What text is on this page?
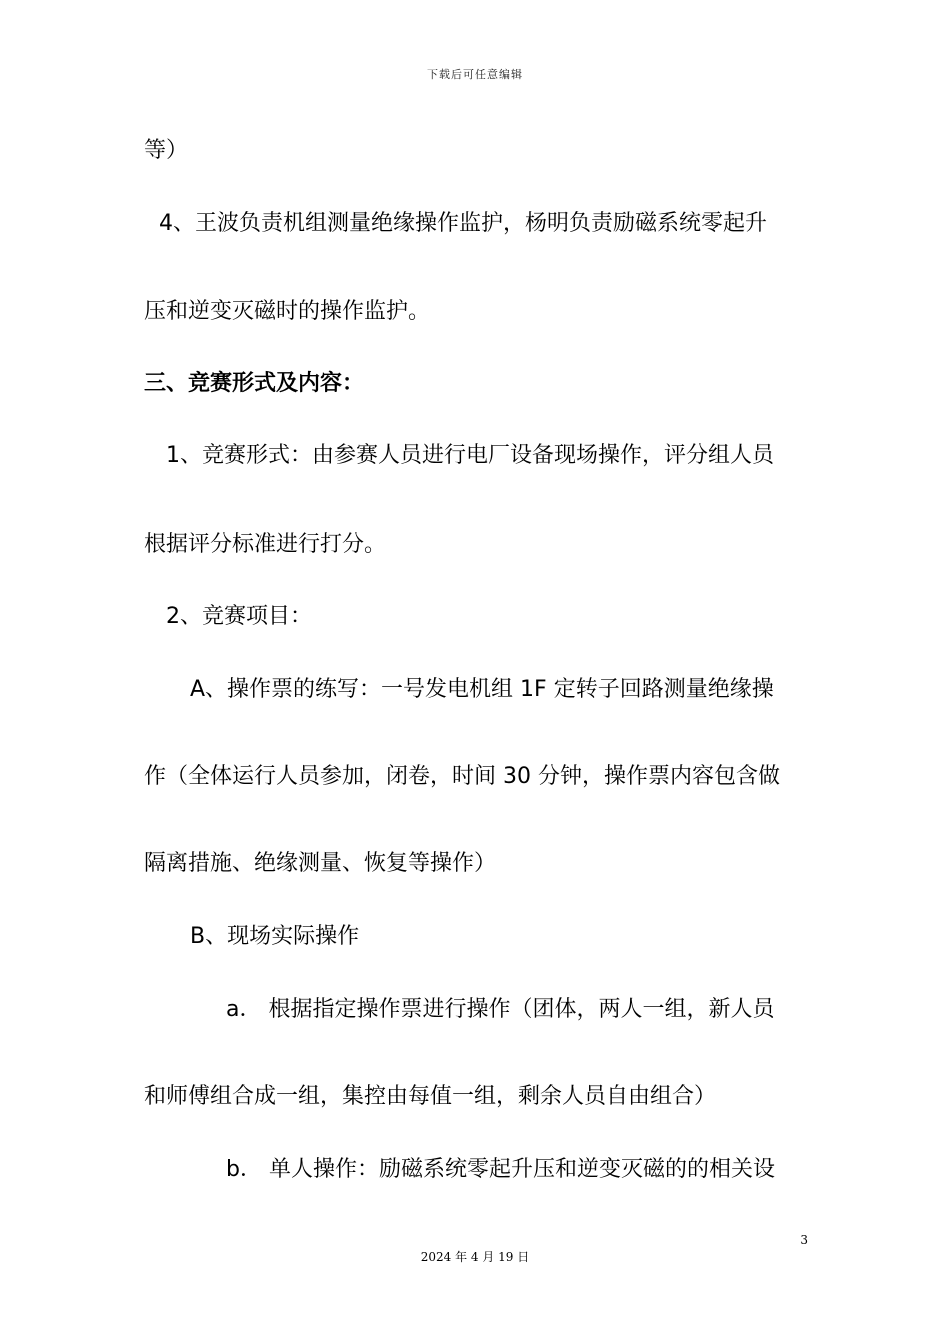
下载后可任意编辑
等）
4、王波负责机组测量绝缘操作监护，杨明负责励磁系统零起升
压和逆变灭磁时的操作监护。
三、竞赛形式及内容：
1、竞赛形式：由参赛人员进行电厂设备现场操作，评分组人员
根据评分标准进行打分。
2、竞赛项目：
A、操作票的练写：一号发电机组 1F 定转子回路测量绝缘操
作（全体运行人员参加，闭卷，时间 30 分钟，操作票内容包含做
隔离措施、绝缘测量、恢复等操作）
B、现场实际操作
a． 根据指定操作票进行操作（团体，两人一组，新人员
和师傅组合成一组，集控由每值一组，剩余人员自由组合）
b． 单人操作：励磁系统零起升压和逆变灭磁的的相关设
3
2024 年 4 月 19 日
